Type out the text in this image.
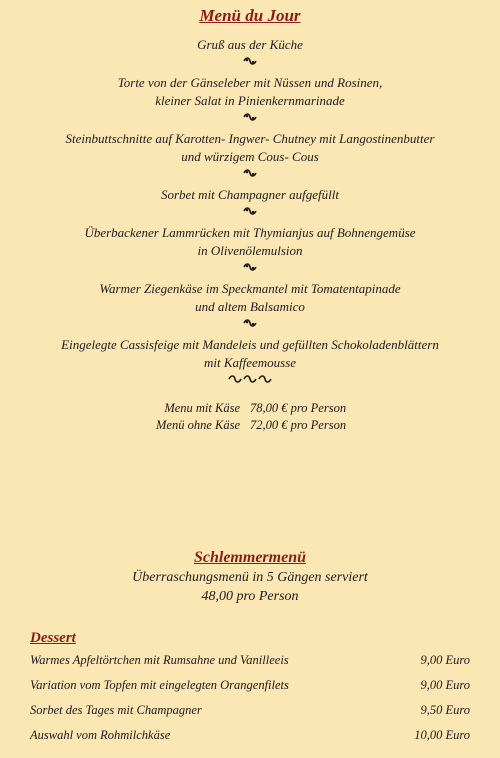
Menü du Jour
Gruß aus der Küche
Torte von der Gänseleber mit Nüssen und Rosinen,
kleiner Salat in Pinienkernmarinade
Steinbuttschnitte auf Karotten- Ingwer- Chutney mit Langostinenbutter
und würzigem Cous- Cous
Sorbet mit Champagner aufgefüllt
Überbackener Lammrücken mit Thymianjus auf Bohnengemüse
in Olivenölemulsion
Warmer Ziegenkäse im Speckmantel mit Tomatentapinade
und altem Balsamico
Eingelegte Cassisfeige mit Mandeleis und gefüllten Schokoladenblättern
mit Kaffeemousse
Menu mit Käse 78,00 € pro Person
Menü ohne Käse 72,00 € pro Person
Schlemmermenü
Überraschungsmenü in 5 Gängen serviert
48,00 pro Person
Dessert
Warmes Apfeltörtchen mit Rumsahne und Vanilleeis	9,00 Euro
Variation vom Topfen mit eingelegten Orangenfilets	9,00 Euro
Sorbet des Tages mit Champagner	9,50 Euro
Auswahl vom Rohmilchkäse	10,00 Euro
